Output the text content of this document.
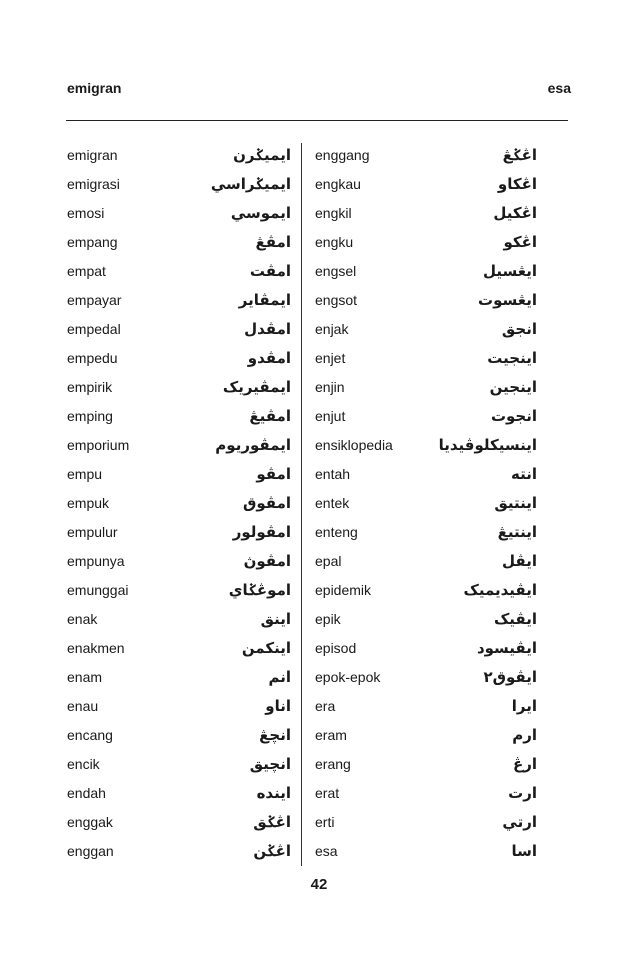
emigran	esa
emigran	ايميݢرن
emigrasi	ايميݢراسي
emosi	ايموسي
empang	امڤڠ
empat	امڤت
empayar	ايمڤاير
empedal	امڤدل
empedu	امڤدو
empirik	ايمڤيريک
emping	امڤيڠ
emporium	ايمڤوريوم
empu	امڤو
empuk	امڤوق
empulur	امڤولور
empunya	امڤوڽ
emunggai	اموڠݢاي
enak	اينق
enakmen	اينکمن
enam	انم
enau	اناو
encang	انچڠ
encik	انچيق
endah	ايندە
enggak	اڠݢق
enggan	اڠݢن
enggang	اڠݢڠ
engkau	اڠکاو
engkil	اڠکيل
engku	اڠکو
engsel	ايڠسيل
engsot	ايڠسوت
enjak	انجق
enjet	اينجيت
enjin	اينجين
enjut	انجوت
ensiklopedia	اينسيکلوڤيديا
entah	انته
entek	اينتيق
enteng	اينتيڠ
epal	ايڤل
epidemik	ايڤيديميک
epik	ايڤيک
episod	ايڤيسود
epok-epok	ايڤوق٢
era	ايرا
eram	ارم
erang	ارڠ
erat	ارت
erti	ارتي
esa	اسا
42
